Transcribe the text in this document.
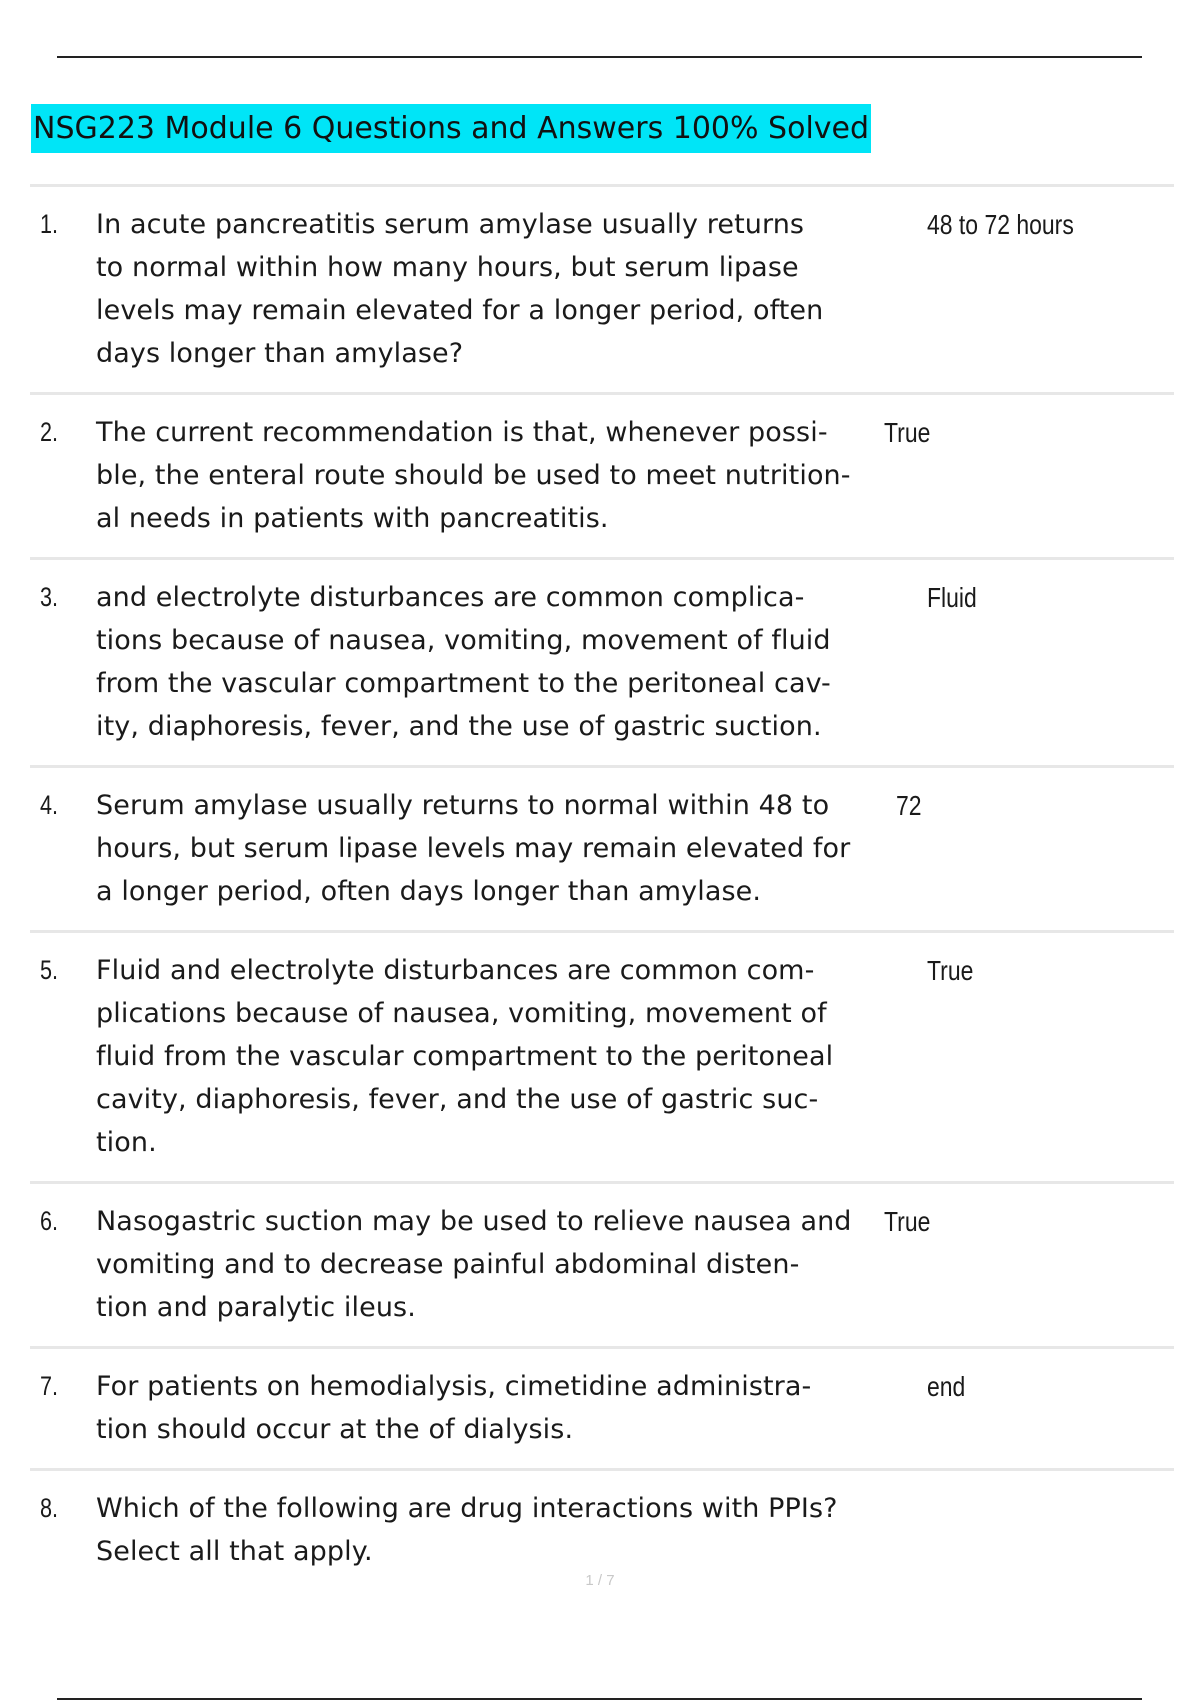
NSG223 Module 6 Questions and Answers 100% Solved
1. In acute pancreatitis serum amylase usually returns
to normal within how many hours, but serum lipase
levels may remain elevated for a longer period, often
days longer than amylase?
48 to 72 hours
2. The current recommendation is that, whenever possi-
ble, the enteral route should be used to meet nutrition-
al needs in patients with pancreatitis.
True
3. and electrolyte disturbances are common complica-
tions because of nausea, vomiting, movement of fluid
from the vascular compartment to the peritoneal cav-
ity, diaphoresis, fever, and the use of gastric suction.
Fluid
4. Serum amylase usually returns to normal within 48 to
hours, but serum lipase levels may remain elevated for
a longer period, often days longer than amylase.
72
5. Fluid and electrolyte disturbances are common com-
plications because of nausea, vomiting, movement of
fluid from the vascular compartment to the peritoneal
cavity, diaphoresis, fever, and the use of gastric suc-
tion.
True
6. Nasogastric suction may be used to relieve nausea and
vomiting and to decrease painful abdominal disten-
tion and paralytic ileus.
True
7. For patients on hemodialysis, cimetidine administra-
tion should occur at the of dialysis.
end
8. Which of the following are drug interactions with PPIs?
Select all that apply.
1 / 7
